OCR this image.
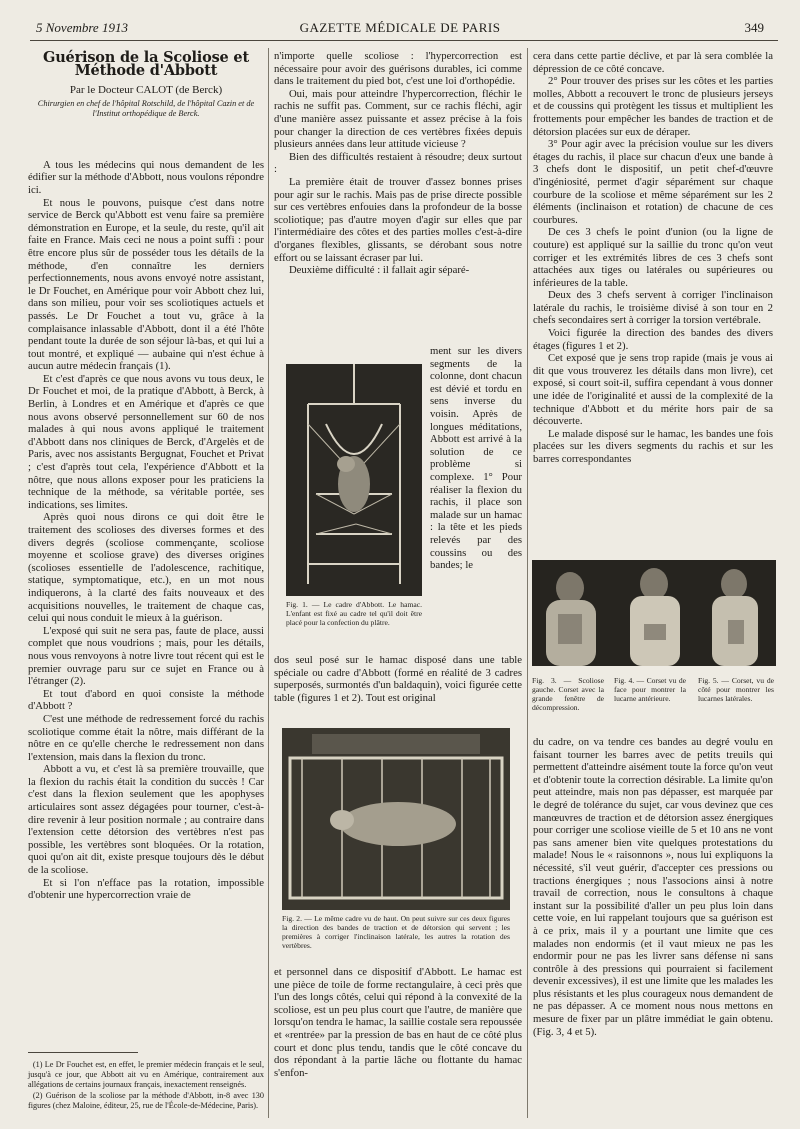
5 Novembre 1913	GAZETTE MÉDICALE DE PARIS	349
Guérison de la Scoliose et Méthode d'Abbott
Par le Docteur CALOT (de Berck)
Chirurgien en chef de l'hôpital Rotschild, de l'hôpital Cazin et de l'Institut orthopédique de Berck.

A tous les médecins qui nous demandent de les édifier sur la méthode d'Abbott, nous voulons répondre ici.

Et nous le pouvons, puisque c'est dans notre service de Berck qu'Abbott est venu faire sa première démonstration en Europe, et la seule, du reste, qu'il ait faite en France. Mais ceci ne nous a point suffi : pour être encore plus sûr de posséder tous les détails de la méthode, d'en connaître les derniers perfectionnements, nous avons envoyé notre assistant, le Dr Fouchet, en Amérique pour voir Abbott chez lui, dans son milieu, pour voir ses scoliotiques actuels et passés. Le Dr Fouchet a tout vu, grâce à la complaisance inlassable d'Abbott, dont il a été l'hôte pendant toute la durée de son séjour là-bas, et qui lui a tout montré, et expliqué — aubaine qui n'est échue à aucun autre médecin français (1).

Et c'est d'après ce que nous avons vu tous deux, le Dr Fouchet et moi, de la pratique d'Abbott, à Berck, à Berlin, à Londres et en Amérique et d'après ce que nous avons observé personnellement sur 60 de nos malades à qui nous avons appliqué le traitement d'Abbott dans nos cliniques de Berck, d'Argelès et de Paris, avec nos assistants Bergugnat, Fouchet et Privat ; c'est d'après tout cela, l'expérience d'Abbott et la nôtre, que nous allons exposer pour les praticiens la technique de la méthode, sa véritable portée, ses indications, ses limites.

Après quoi nous dirons ce qui doit être le traitement des scolioses des diverses formes et des divers degrés (scoliose commençante, scoliose moyenne et scoliose grave) des diverses origines (scolioses essentielle de l'adolescence, rachitique, statique, symptomatique, etc.), en un mot nous indiquerons, à la clarté des faits nouveaux et des acquisitions nouvelles, le traitement de chaque cas, celui qui nous conduit le mieux à la guérison.

L'exposé qui suit ne sera pas, faute de place, aussi complet que nous voudrions ; mais, pour les détails, nous vous renvoyons à notre livre tout récent qui est le premier ouvrage paru sur ce sujet en France ou à l'étranger (2).

Et tout d'abord en quoi consiste la méthode d'Abbott ?

C'est une méthode de redressement forcé du rachis scoliotique comme était la nôtre, mais différant de la nôtre en ce qu'elle cherche le redressement non dans l'extension, mais dans la flexion du tronc.

Abbott a vu, et c'est là sa première trouvaille, que la flexion du rachis était la condition du succès ! Car c'est dans la flexion seulement que les apophyses articulaires sont assez dégagées pour tourner, c'est-à-dire revenir à leur position normale ; au contraire dans l'extension cette détorsion des vertèbres n'est pas possible, les vertèbres sont bloquées. Or la rotation, quoi qu'on ait dit, existe presque toujours dès le début de la scoliose.

Et si l'on n'efface pas la rotation, impossible d'obtenir une hypercorrection vraie de

(1) Le Dr Fouchet est, en effet, le premier médecin français et le seul, jusqu'à ce jour, que Abbott ait vu en Amérique, contrairement aux allégations de certains journaux français, inexactement renseignés.

(2) Guérison de la scoliose par la méthode d'Abbott, in-8 avec 130 figures (chez Maloine, éditeur, 25, rue de l'École-de-Médecine, Paris).

n'importe quelle scoliose : l'hypercorrection est nécessaire pour avoir des guérisons durables, ici comme dans le traitement du pied bot, c'est une loi d'orthopédie.

Oui, mais pour atteindre l'hypercorrection, fléchir le rachis ne suffit pas. Comment, sur ce rachis fléchi, agir d'une manière assez puissante et assez précise à la fois pour changer la direction de ces vertèbres fixées depuis plusieurs années dans leur attitude vicieuse ?

Bien des difficultés restaient à résoudre; deux surtout :

La première était de trouver d'assez bonnes prises pour agir sur le rachis. Mais pas de prise directe possible sur ces vertèbres enfouies dans la profondeur de la bosse scoliotique; pas d'autre moyen d'agir sur elles que par l'intermédiaire des côtes et des parties molles c'est-à-dire d'organes flexibles, glissants, se dérobant sous notre effort ou se laissant écraser par lui.

Deuxième difficulté : il fallait agir séparé-

Fig. 1. — Le cadre d'Abbott. Le hamac. L'enfant est fixé au cadre tel qu'il doit être placé pour la confection du plâtre.
ment sur les divers segments de la colonne, dont chacun est dévié et tordu en sens inverse du voisin. Après de longues méditations, Abbott est arrivé à la solution de ce problème si complexe. 1° Pour réaliser la flexion du rachis, il place son malade sur un hamac : la tête et les pieds relevés par des coussins ou des bandes; le
dos seul posé sur le hamac disposé dans une table spéciale ou cadre d'Abbott (formé en réalité de 3 cadres superposés, surmontés d'un baldaquin), voici figurée cette table (figures 1 et 2). Tout est original
Fig. 2. — Le même cadre vu de haut. On peut suivre sur ces deux figures la direction des bandes de traction et de détorsion qui servent ; les premières à corriger l'inclinaison latérale, les autres la rotation des vertèbres.
et personnel dans ce dispositif d'Abbott. Le hamac est une pièce de toile de forme rectangulaire, à ceci près que l'un des longs côtés, celui qui répond à la convexité de la scoliose, est un peu plus court que l'autre, de manière que lorsqu'on tendra le hamac, la saillie costale sera repoussée et «rentrée» par la pression de bas en haut de ce côté plus court et donc plus tendu, tandis que le côté concave du dos répondant à la partie lâche ou flottante du hamac s'enfon-

cera dans cette partie déclive, et par là sera comblée la dépression de ce côté concave.

2° Pour trouver des prises sur les côtes et les parties molles, Abbott a recouvert le tronc de plusieurs jerseys et de coussins qui protègent les tissus et multiplient les frottements pour empêcher les bandes de traction et de détorsion placées sur eux de déraper.

3° Pour agir avec la précision voulue sur les divers étages du rachis, il place sur chacun d'eux une bande à 3 chefs dont le dispositif, un petit chef-d'œuvre d'ingéniosité, permet d'agir séparément sur chaque courbure de la scoliose et même séparément sur les 2 éléments (inclinaison et rotation) de chacune de ces courbures.

De ces 3 chefs le point d'union (ou la ligne de couture) est appliqué sur la saillie du tronc qu'on veut corriger et les extrémités libres de ces 3 chefs sont attachées aux tiges ou latérales ou supérieures ou inférieures de la table.

Deux des 3 chefs servent à corriger l'inclinaison latérale du rachis, le troisième divisé à son tour en 2 chefs secondaires sert à corriger la torsion vertébrale.

Voici figurée la direction des bandes des divers étages (figures 1 et 2).

Cet exposé que je sens trop rapide (mais je vous ai dit que vous trouverez les détails dans mon livre), cet exposé, si court soit-il, suffira cependant à vous donner une idée de l'originalité et aussi de la complexité de la technique d'Abbott et du mérite hors pair de sa découverte.

Le malade disposé sur le hamac, les bandes une fois placées sur les divers segments du rachis et sur les barres correspondantes

Fig. 3. — Scoliose gauche. Corset avec la grande fenêtre de décompression.
Fig. 4. — Corset vu de face pour montrer la lucarne antérieure.
Fig. 5. — Corset, vu de côté pour montrer les lucarnes latérales.
du cadre, on va tendre ces bandes au degré voulu en faisant tourner les barres avec de petits treuils qui permettent d'atteindre aisément toute la force qu'on veut et d'obtenir toute la correction désirable. La limite qu'on peut atteindre, mais non pas dépasser, est marquée par le degré de tolérance du sujet, car vous devinez que ces manœuvres de traction et de détorsion assez énergiques pour corriger une scoliose vieille de 5 et 10 ans ne vont pas sans amener bien vite quelques protestations du malade! Nous le « raisonnons », nous lui expliquons la nécessité, s'il veut guérir, d'accepter ces pressions ou tractions énergiques ; nous l'associons ainsi à notre travail de correction, nous le consultons à chaque instant sur la possibilité d'aller un peu plus loin dans cette voie, en lui rappelant toujours que sa guérison est à ce prix, mais il y a pourtant une limite que ces malades non endormis (et il vaut mieux ne pas les endormir pour ne pas les livrer sans défense ni sans contrôle à des pressions qui pourraient si facilement devenir excessives), il est une limite que les malades les plus résistants et les plus courageux nous demandent de ne pas dépasser. A ce moment nous nous mettons en mesure de fixer par un plâtre immédiat le gain obtenu. (Fig. 3, 4 et 5).
